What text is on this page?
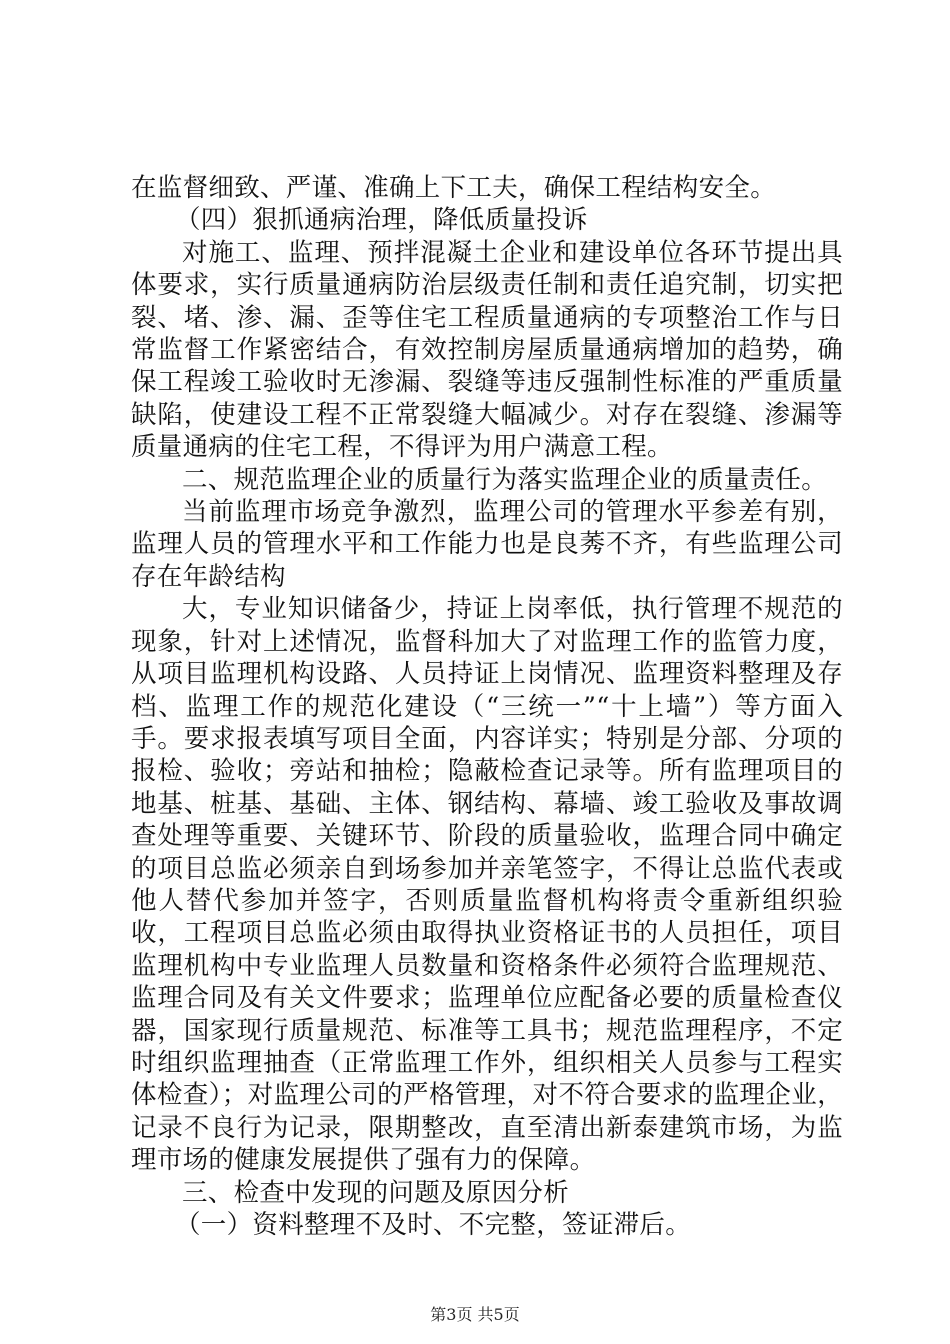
在监督细致、严谨、准确上下工夫，确保工程结构安全。

（四）狠抓通病治理，降低质量投诉

对施工、监理、预拌混凝土企业和建设单位各环节提出具体要求，实行质量通病防治层级责任制和责任追究制，切实把裂、堵、渗、漏、歪等住宅工程质量通病的专项整治工作与日常监督工作紧密结合，有效控制房屋质量通病增加的趋势，确保工程竣工验收时无渗漏、裂缝等违反强制性标准的严重质量缺陷，使建设工程不正常裂缝大幅减少。对存在裂缝、渗漏等质量通病的住宅工程，不得评为用户满意工程。

二、规范监理企业的质量行为落实监理企业的质量责任。

当前监理市场竞争激烈，监理公司的管理水平参差有别，监理人员的管理水平和工作能力也是良莠不齐，有些监理公司存在年龄结构

大，专业知识储备少，持证上岗率低，执行管理不规范的现象，针对上述情况，监督科加大了对监理工作的监管力度，从项目监理机构设路、人员持证上岗情况、监理资料整理及存档、监理工作的规范化建设（“三统一”“十上墙”）等方面入手。要求报表填写项目全面，内容详实；特别是分部、分项的报检、验收；旁站和抽检；隐蔽检查记录等。所有监理项目的地基、桩基、基础、主体、钢结构、幕墙、竣工验收及事故调查处理等重要、关键环节、阶段的质量验收，监理合同中确定的项目总监必须亲自到场参加并亲笔签字，不得让总监代表或他人替代参加并签字，否则质量监督机构将责令重新组织验收，工程项目总监必须由取得执业资格证书的人员担任，项目监理机构中专业监理人员数量和资格条件必须符合监理规范、监理合同及有关文件要求；监理单位应配备必要的质量检查仪器，国家现行质量规范、标准等工具书；规范监理程序，不定时组织监理抽查（正常监理工作外，组织相关人员参与工程实体检查）；对监理公司的严格管理，对不符合要求的监理企业，记录不良行为记录，限期整改，直至清出新泰建筑市场，为监理市场的健康发展提供了强有力的保障。

三、检查中发现的问题及原因分析

（一）资料整理不及时、不完整，签证滞后。

第3页 共5页
